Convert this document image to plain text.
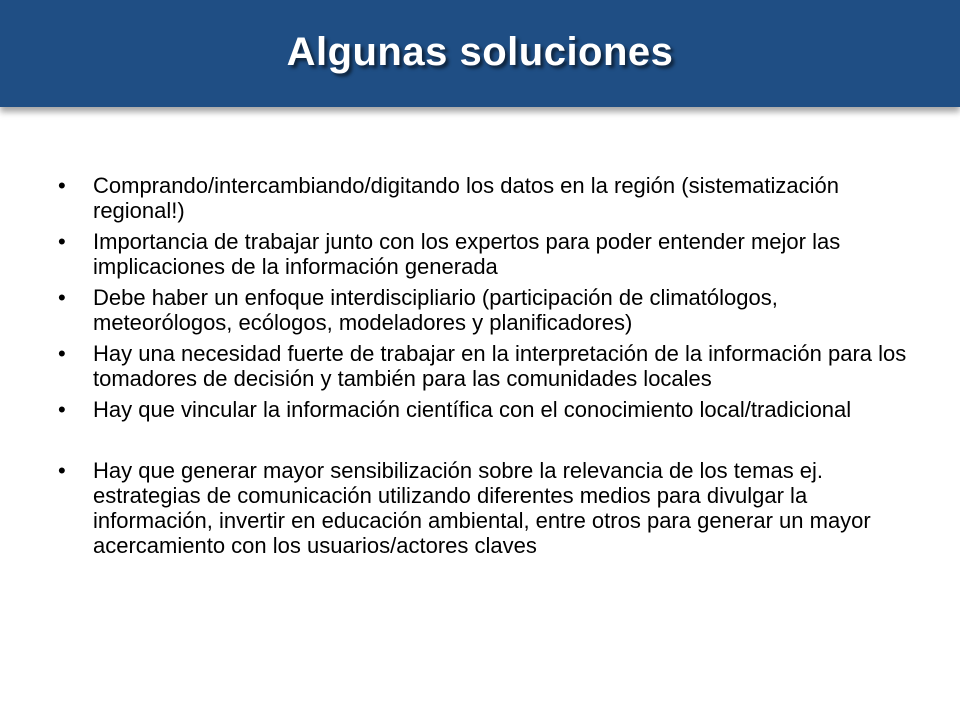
Algunas soluciones
•	Comprando/intercambiando/digitando los datos en la región (sistematización regional!)
•	Importancia de trabajar junto con los expertos para poder entender mejor las implicaciones de la información generada
•	Debe haber un enfoque interdiscipliario (participación de climatólogos, meteorólogos, ecólogos, modeladores y planificadores)
•	Hay una necesidad fuerte de trabajar en la interpretación de la información para los tomadores de decisión y también para las comunidades locales
•	Hay que vincular la información científica con el conocimiento local/tradicional
•	Hay que generar mayor sensibilización sobre la relevancia de los temas ej. estrategias de comunicación utilizando diferentes medios para divulgar la información, invertir en educación ambiental, entre otros para generar un mayor acercamiento con los usuarios/actores claves
